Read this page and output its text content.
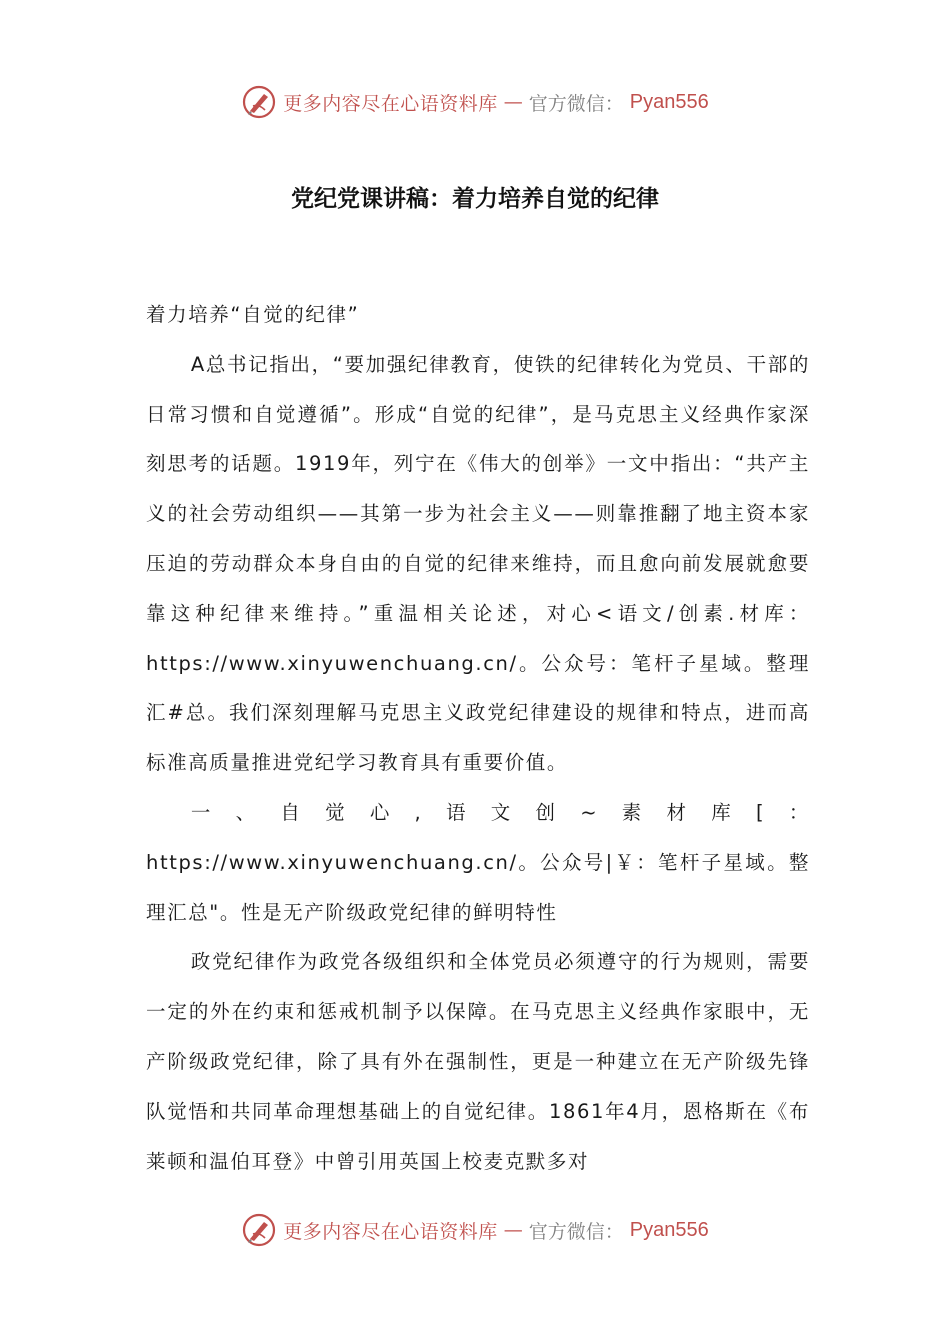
更多内容尽在心语资料库 — 官方微信： Pyan556
党纪党课讲稿：着力培养自觉的纪律

着力培养“自觉的纪律”

A总书记指出，“要加强纪律教育，使铁的纪律转化为党员、干部的日常习惯和自觉遵循”。形成“自觉的纪律”，是马克思主义经典作家深刻思考的话题。1919年，列宁在《伟大的创举》一文中指出：“共产主义的社会劳动组织——其第一步为社会主义——则靠推翻了地主资本家压迫的劳动群众本身自由的自觉的纪律来维持，而且愈向前发展就愈要靠这种纪律来维持。”重温相关论述，对心<语文/创素.材库：https://www.xinyuwenchuang.cn/。公众号：笔杆子星域。整理汇#总。我们深刻理解马克思主义政党纪律建设的规律和特点，进而高标准高质量推进党纪学习教育具有重要价值。

一、自觉心,语文创~素材库[：https://www.xinyuwenchuang.cn/。公众号|￥：笔杆子星域。整理汇总"。性是无产阶级政党纪律的鲜明特性

政党纪律作为政党各级组织和全体党员必须遵守的行为规则，需要一定的外在约束和惩戒机制予以保障。在马克思主义经典作家眼中，无产阶级政党纪律，除了具有外在强制性，更是一种建立在无产阶级先锋队觉悟和共同革命理想基础上的自觉纪律。1861年4月，恩格斯在《布莱顿和温伯耳登》中曾引用英国上校麦克默多对

更多内容尽在心语资料库 — 官方微信： Pyan556
